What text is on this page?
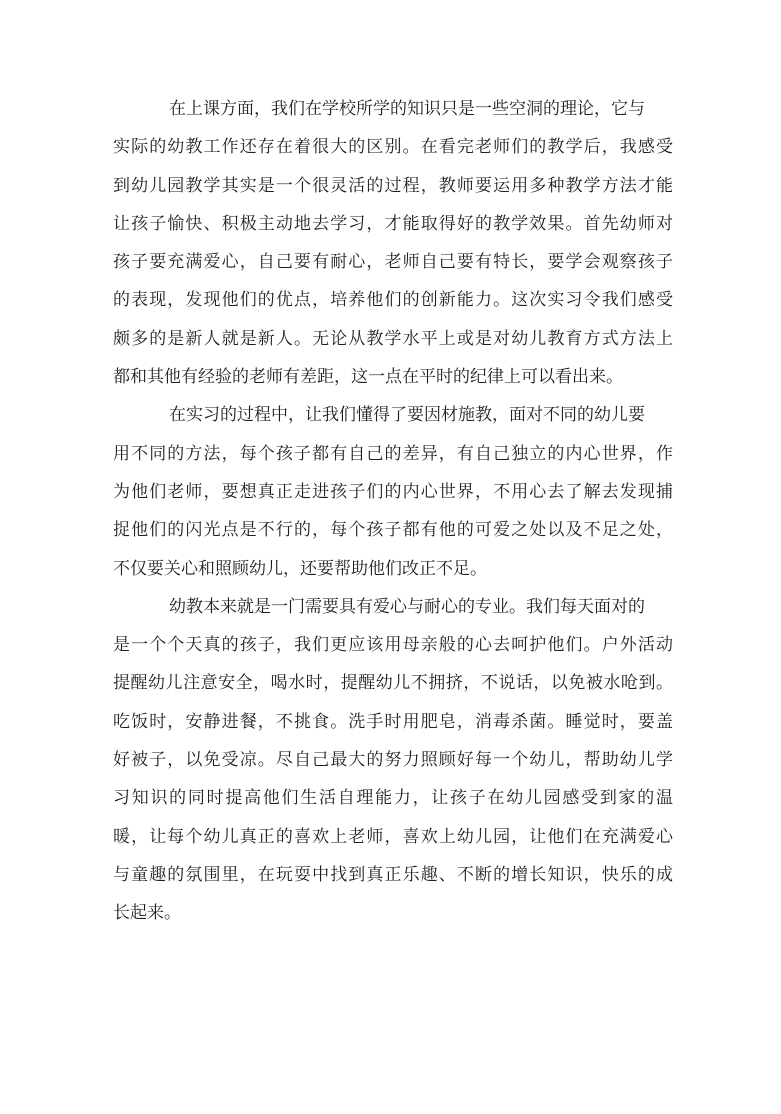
在上课方面，我们在学校所学的知识只是一些空洞的理论，它与
实际的幼教工作还存在着很大的区别。在看完老师们的教学后，我感受
到幼儿园教学其实是一个很灵活的过程，教师要运用多种教学方法才能
让孩子愉快、积极主动地去学习，才能取得好的教学效果。首先幼师对
孩子要充满爱心，自己要有耐心，老师自己要有特长，要学会观察孩子
的表现，发现他们的优点，培养他们的创新能力。这次实习令我们感受
颇多的是新人就是新人。无论从教学水平上或是对幼儿教育方式方法上
都和其他有经验的老师有差距，这一点在平时的纪律上可以看出来。
在实习的过程中，让我们懂得了要因材施教，面对不同的幼儿要
用不同的方法，每个孩子都有自己的差异，有自己独立的内心世界，作
为他们老师，要想真正走进孩子们的内心世界，不用心去了解去发现捕
捉他们的闪光点是不行的，每个孩子都有他的可爱之处以及不足之处，
不仅要关心和照顾幼儿，还要帮助他们改正不足。
幼教本来就是一门需要具有爱心与耐心的专业。我们每天面对的
是一个个天真的孩子，我们更应该用母亲般的心去呵护他们。户外活动
提醒幼儿注意安全，喝水时，提醒幼儿不拥挤，不说话，以免被水呛到。
吃饭时，安静进餐，不挑食。洗手时用肥皂，消毒杀菌。睡觉时，要盖
好被子，以免受凉。尽自己最大的努力照顾好每一个幼儿，帮助幼儿学
习知识的同时提高他们生活自理能力，让孩子在幼儿园感受到家的温
暖，让每个幼儿真正的喜欢上老师，喜欢上幼儿园，让他们在充满爱心
与童趣的氛围里，在玩耍中找到真正乐趣、不断的增长知识，快乐的成
长起来。
